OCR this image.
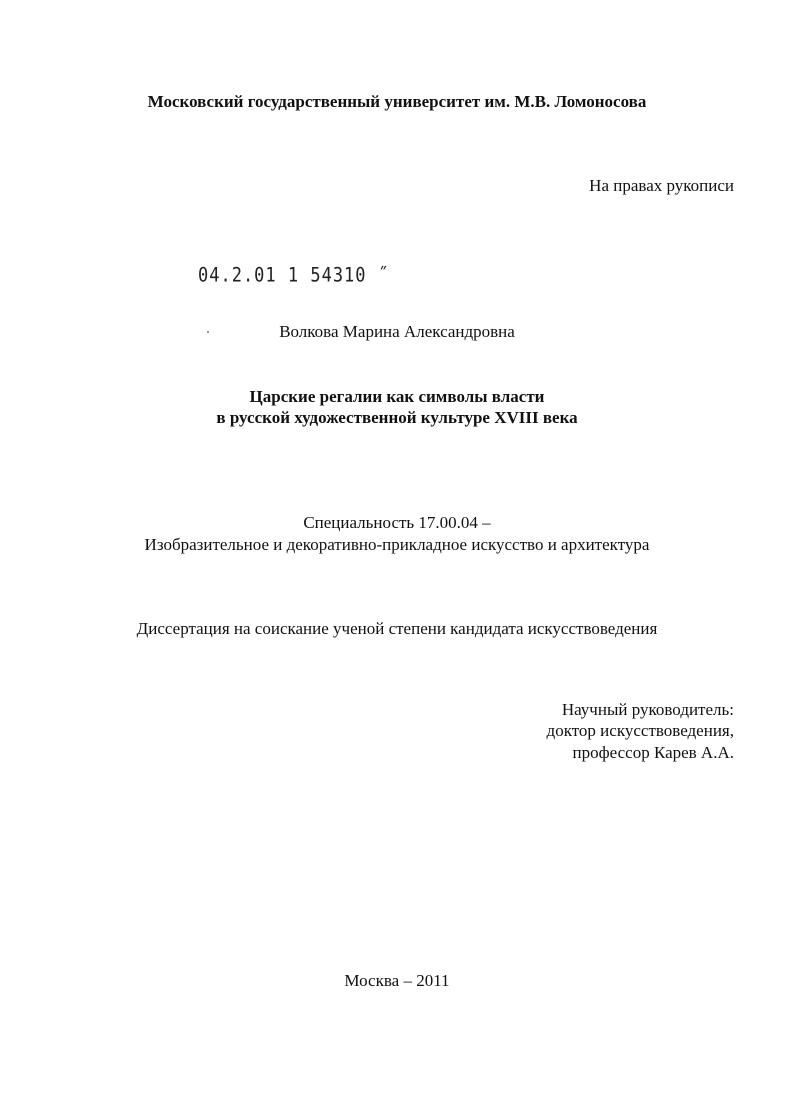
Московский государственный университет им. М.В. Ломоносова
На правах рукописи
04.2.01 1 54310 ˝
Волкова Марина Александровна
Царские регалии как символы власти
в русской художественной культуре XVIII века
Специальность 17.00.04 –
Изобразительное и декоративно-прикладное искусство и архитектура
Диссертация на соискание ученой степени кандидата искусствоведения
Научный руководитель:
доктор искусствоведения,
профессор Карев А.А.
Москва – 2011
